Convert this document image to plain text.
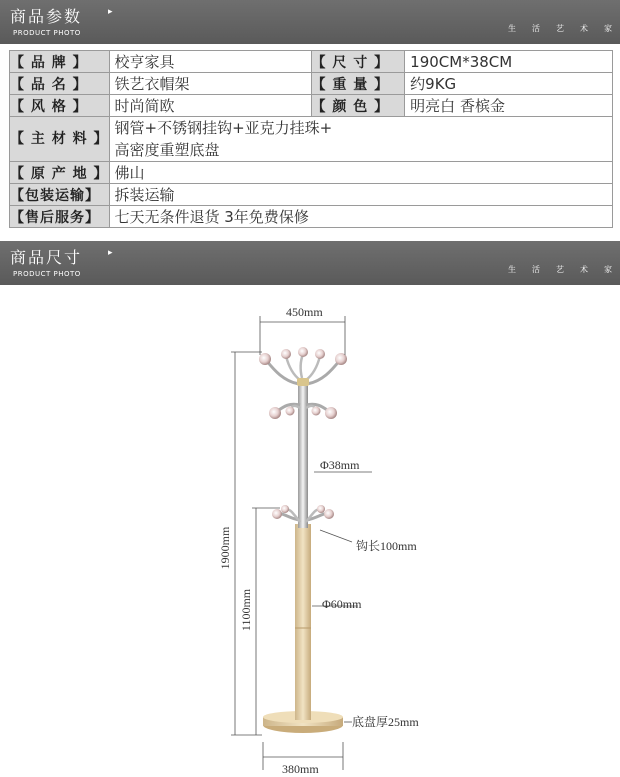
商品参数	▸
PRODUCT PHOTO	生 活 艺 术 家
【 品 牌 】	校亨家具	【 尺 寸 】	190CM*38CM
【 品 名 】	铁艺衣帽架	【 重 量 】	约9KG
【 风 格 】	时尚简欧	【 颜 色 】	明亮白 香槟金
【 主 材 料 】	钢管+不锈钢挂钩+亚克力挂珠+
高密度重塑底盘		

【 原 产 地 】	佛山		
【包装运输】	拆装运输		
【售后服务】	七天无条件退货 3年免费保修		
商品尺寸	▸
PRODUCT PHOTO	生 活 艺 术 家
450mm
Φ38mm
钩长100mm
Φ60mm
底盘厚25mm
380mm
1900mm
1100mm
